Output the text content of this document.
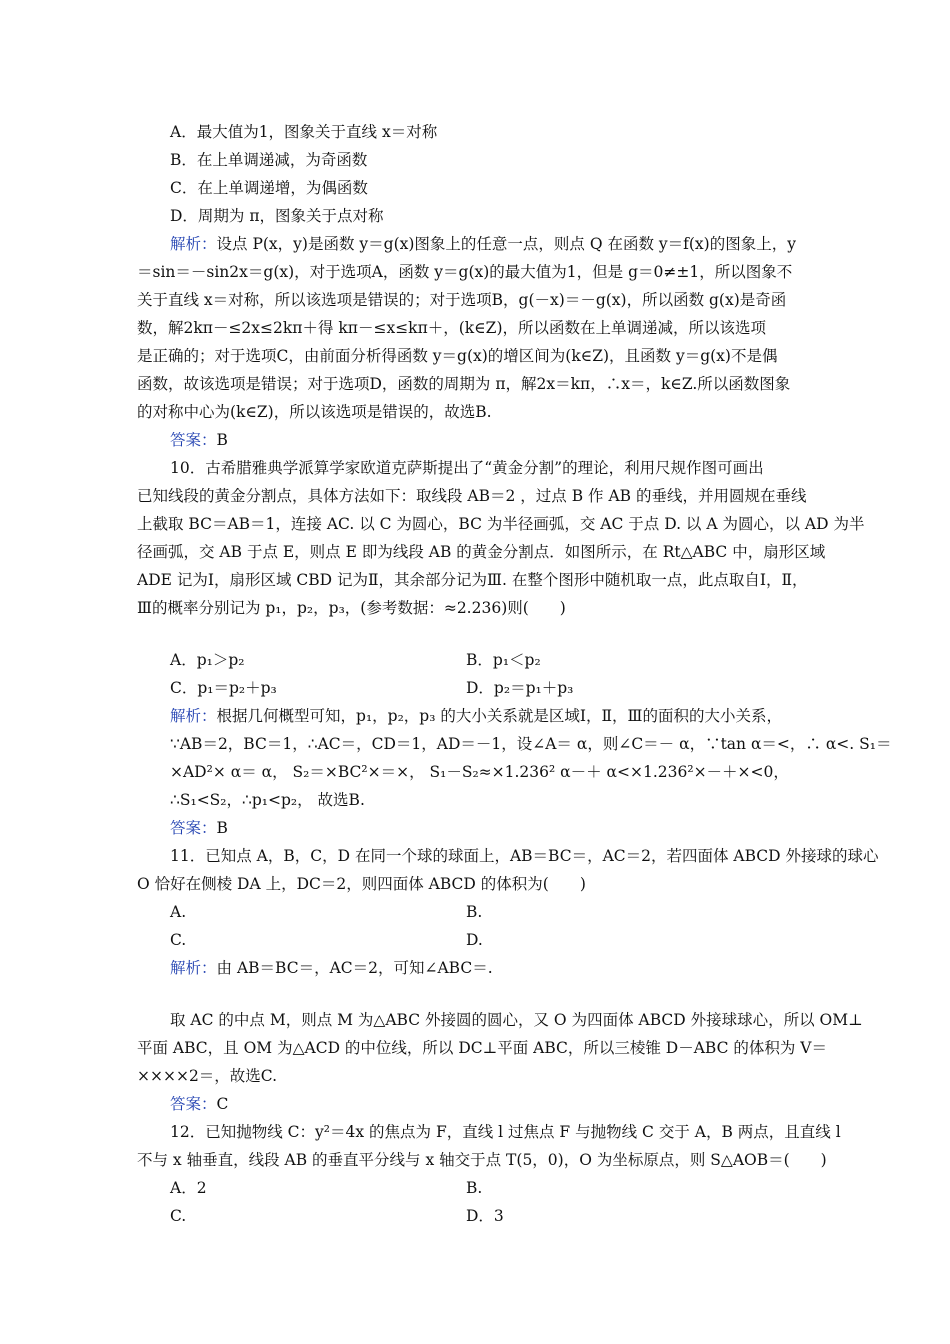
A．最大值为1，图象关于直线 x＝对称
B．在上单调递减，为奇函数
C．在上单调递增，为偶函数
D．周期为 π，图象关于点对称
解析：设点 P(x，y)是函数 y＝g(x)图象上的任意一点，则点 Q 在函数 y＝f(x)的图象上，y
＝sin＝－sin2x＝g(x)，对于选项A，函数 y＝g(x)的最大值为1，但是 g＝0≠±1，所以图象不
关于直线 x＝对称，所以该选项是错误的；对于选项B，g(－x)＝－g(x)，所以函数 g(x)是奇函
数，解2kπ－≤2x≤2kπ＋得 kπ－≤x≤kπ＋，(k∈Z)，所以函数在上单调递减，所以该选项
是正确的；对于选项C，由前面分析得函数 y＝g(x)的增区间为(k∈Z)，且函数 y＝g(x)不是偶
函数，故该选项是错误；对于选项D，函数的周期为 π，解2x＝kπ，∴x＝，k∈Z.所以函数图象
的对称中心为(k∈Z)，所以该选项是错误的，故选B.
答案：B
10．古希腊雅典学派算学家欧道克萨斯提出了“黄金分割”的理论，利用尺规作图可画出
已知线段的黄金分割点，具体方法如下：取线段 AB＝2 ，过点 B 作 AB 的垂线，并用圆规在垂线
上截取 BC＝AB＝1，连接 AC. 以 C 为圆心，BC 为半径画弧，交 AC 于点 D. 以 A 为圆心，以 AD 为半
径画弧，交 AB 于点 E，则点 E 即为线段 AB 的黄金分割点．如图所示，在 Rt△ABC 中，扇形区域
ADE 记为Ⅰ，扇形区域 CBD 记为Ⅱ，其余部分记为Ⅲ. 在整个图形中随机取一点，此点取自Ⅰ，Ⅱ，
Ⅲ的概率分别记为 p₁，p₂，p₃，(参考数据：≈2.236)则(　　)
A．p₁＞p₂	B．p₁＜p₂
C．p₁＝p₂＋p₃	D．p₂＝p₁＋p₃
解析：根据几何概型可知，p₁，p₂，p₃ 的大小关系就是区域Ⅰ，Ⅱ，Ⅲ的面积的大小关系，
∵AB＝2，BC＝1，∴AC＝，CD＝1，AD＝－1，设∠A＝ α，则∠C＝－ α，∵tan α＝<，∴ α<. S₁＝
×AD²× α＝ α， S₂＝×BC²×＝×， S₁－S₂≈×1.236² α－＋ α<×1.236²×－＋×<0，
∴S₁<S₂，∴p₁<p₂， 故选B.
答案：B
11．已知点 A，B，C，D 在同一个球的球面上，AB＝BC＝，AC＝2，若四面体 ABCD 外接球的球心
O 恰好在侧棱 DA 上，DC＝2，则四面体 ABCD 的体积为(　　)
A.	B.
C.	D.
解析：由 AB＝BC＝，AC＝2，可知∠ABC＝.
取 AC 的中点 M，则点 M 为△ABC 外接圆的圆心，又 O 为四面体 ABCD 外接球球心，所以 OM⊥
平面 ABC，且 OM 为△ACD 的中位线，所以 DC⊥平面 ABC，所以三棱锥 D－ABC 的体积为 V＝
××××2＝，故选C.
答案：C
12．已知抛物线 C：y²＝4x 的焦点为 F，直线 l 过焦点 F 与抛物线 C 交于 A，B 两点，且直线 l
不与 x 轴垂直，线段 AB 的垂直平分线与 x 轴交于点 T(5，0)，O 为坐标原点，则 S△AOB＝(　　)
A．2	B.
C.	D．3
